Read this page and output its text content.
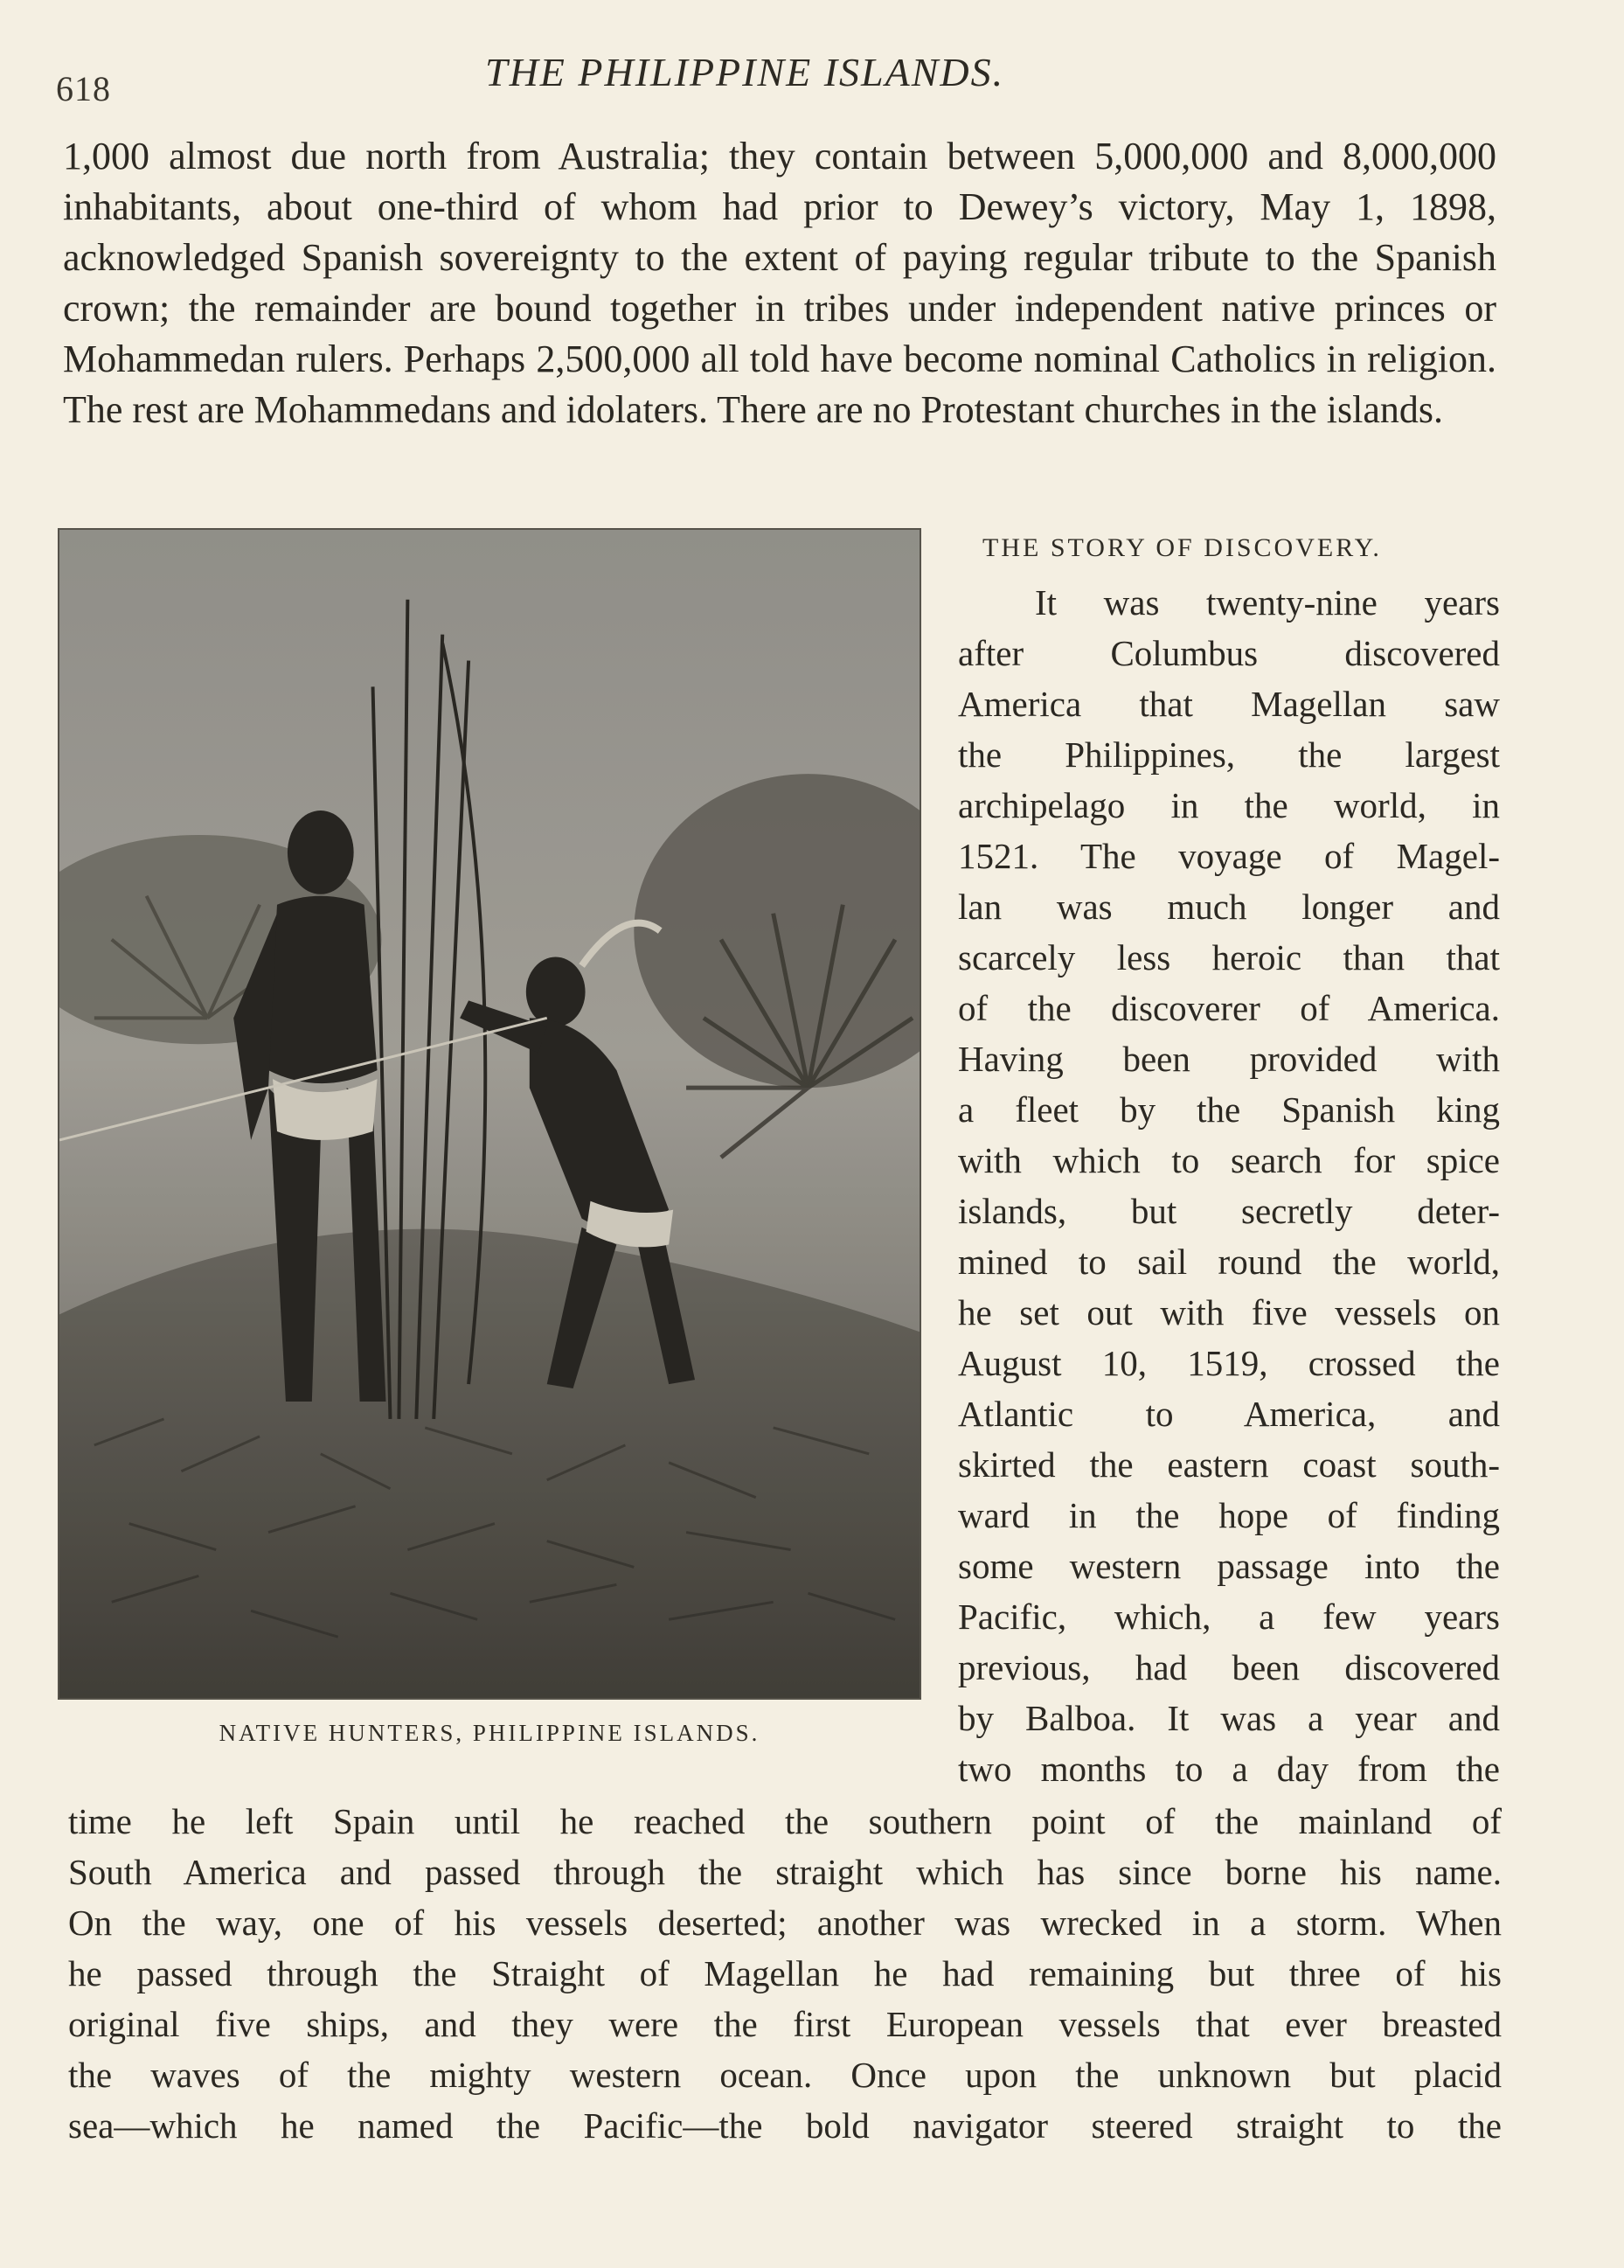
618	THE PHILIPPINE ISLANDS.

1,000 almost due north from Australia; they contain between 5,000,000 and 8,000,000 inhabitants, about one-third of whom had prior to Dewey’s victory, May 1, 1898, acknowledged Spanish sovereignty to the extent of paying regular tribute to the Spanish crown; the remainder are bound together in tribes under independent native princes or Mohammedan rulers. Perhaps 2,500,000 all told have become nominal Catholics in religion. The rest are Mohammedans and idolaters. There are no Protestant churches in the islands.

NATIVE HUNTERS, PHILIPPINE ISLANDS.
THE STORY OF DISCOVERY.
It was twenty-nine years
after Columbus discovered
America that Magellan saw
the Philippines, the largest
archipelago in the world, in
1521. The voyage of Magel-
lan was much longer and
scarcely less heroic than that
of the discoverer of America.
Having been provided with
a fleet by the Spanish king
with which to search for spice
islands, but secretly deter-
mined to sail round the world,
he set out with five vessels on
August 10, 1519, crossed the
Atlantic to America, and
skirted the eastern coast south-
ward in the hope of finding
some western passage into the
Pacific, which, a few years
previous, had been discovered
by Balboa. It was a year and
two months to a day from the
time he left Spain until he reached the southern point of the mainland of
South America and passed through the straight which has since borne his name.
On the way, one of his vessels deserted; another was wrecked in a storm. When
he passed through the Straight of Magellan he had remaining but three of his
original five ships, and they were the first European vessels that ever breasted
the waves of the mighty western ocean. Once upon the unknown but placid
sea—which he named the Pacific—the bold navigator steered straight to the
